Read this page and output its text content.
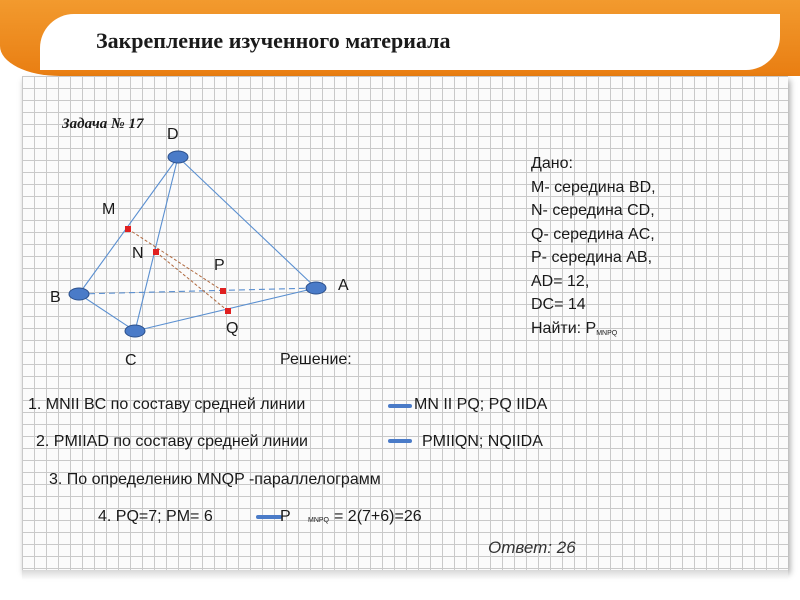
Закрепление изученного материала
Задача № 17
D
M
N
P
B
A
Q
C
Дано:
M- середина BD,
N- середина CD,
Q- середина AC,
P- середина AB,
AD= 12,
DC= 14
Найти: $P_{MNPQ}$
Решение:
1. MNII BC по составу средней линии	MN II PQ; PQ IIDA
2. PMIIAD по составу средней линии	PMIIQN; NQIIDA
3. По определению MNQP -параллелограмм
4. PQ=7; PM= 6	P MNPQ = 2(7+6)=26
Ответ: 26
